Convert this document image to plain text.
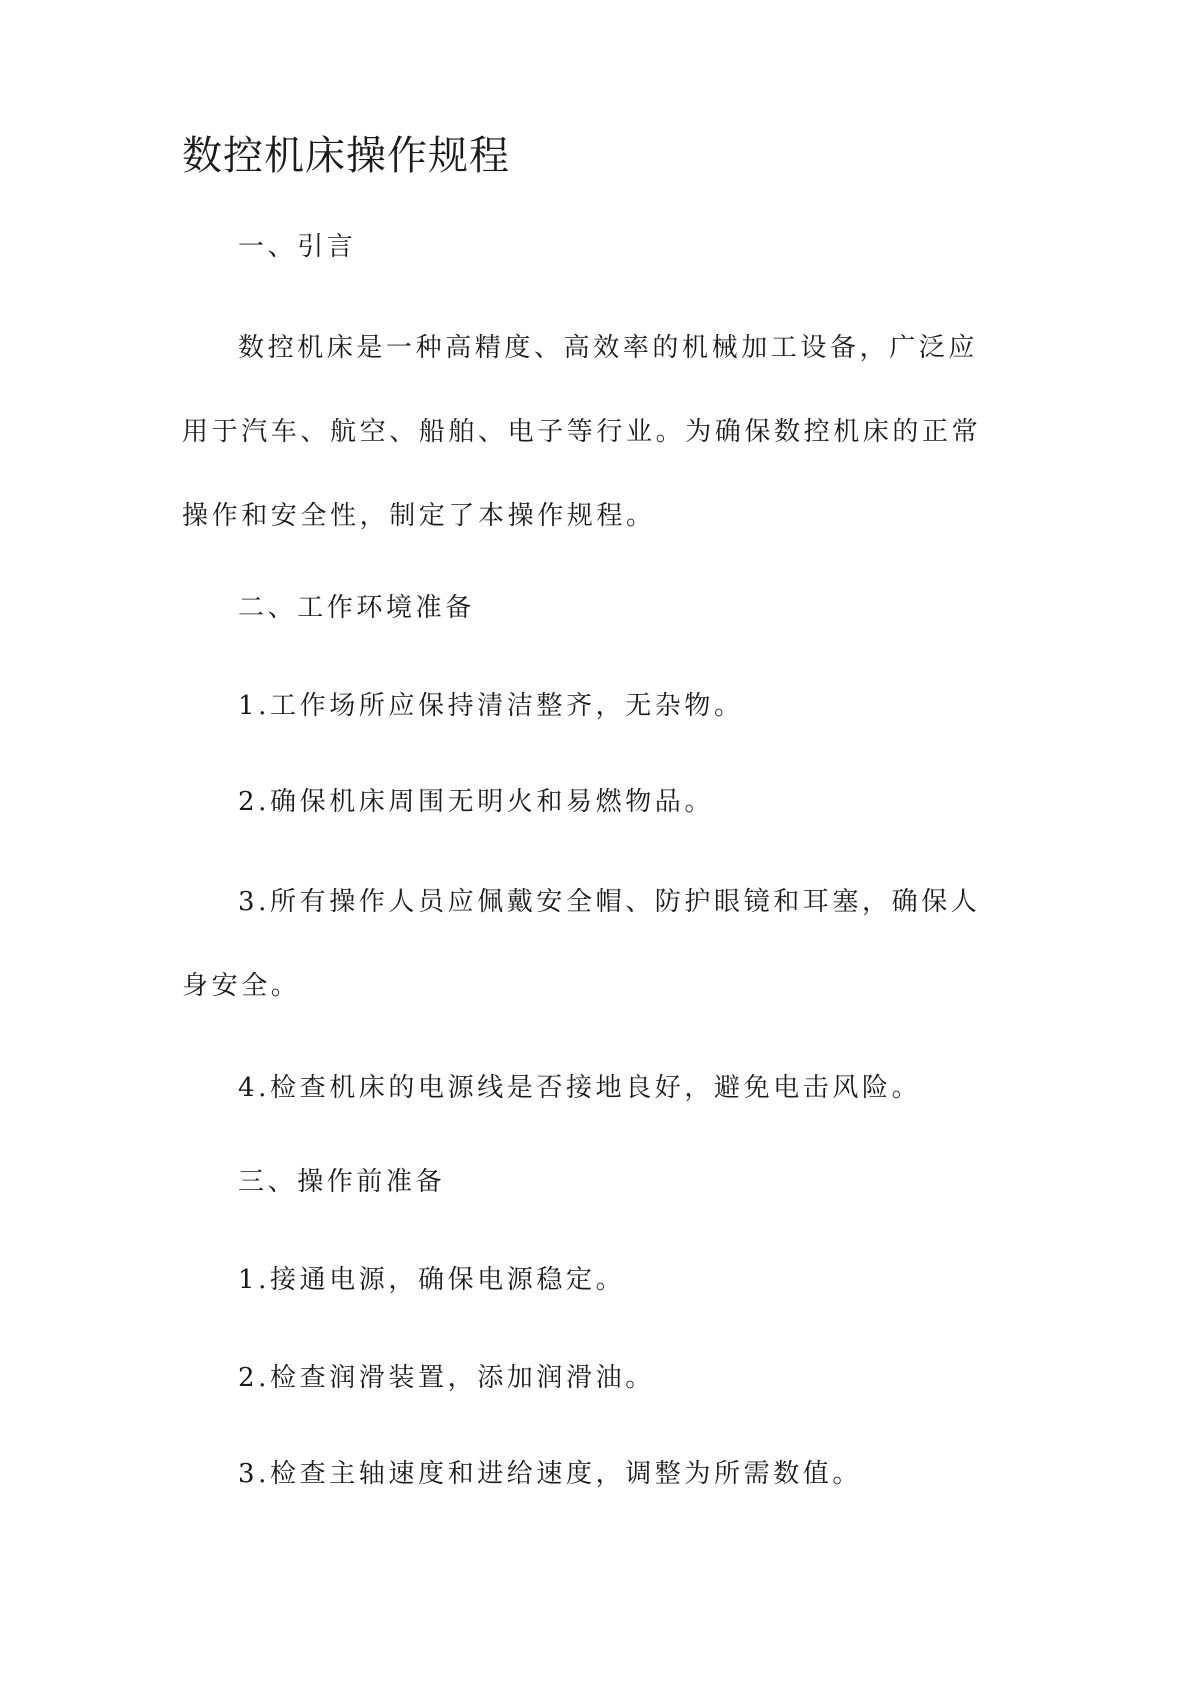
数控机床操作规程

一、引言

数控机床是一种高精度、高效率的机械加工设备，广泛应用于汽车、航空、船舶、电子等行业。为确保数控机床的正常操作和安全性，制定了本操作规程。

二、工作环境准备

1.工作场所应保持清洁整齐，无杂物。

2.确保机床周围无明火和易燃物品。

3.所有操作人员应佩戴安全帽、防护眼镜和耳塞，确保人身安全。

4.检查机床的电源线是否接地良好，避免电击风险。

三、操作前准备

1.接通电源，确保电源稳定。

2.检查润滑装置，添加润滑油。

3.检查主轴速度和进给速度，调整为所需数值。
